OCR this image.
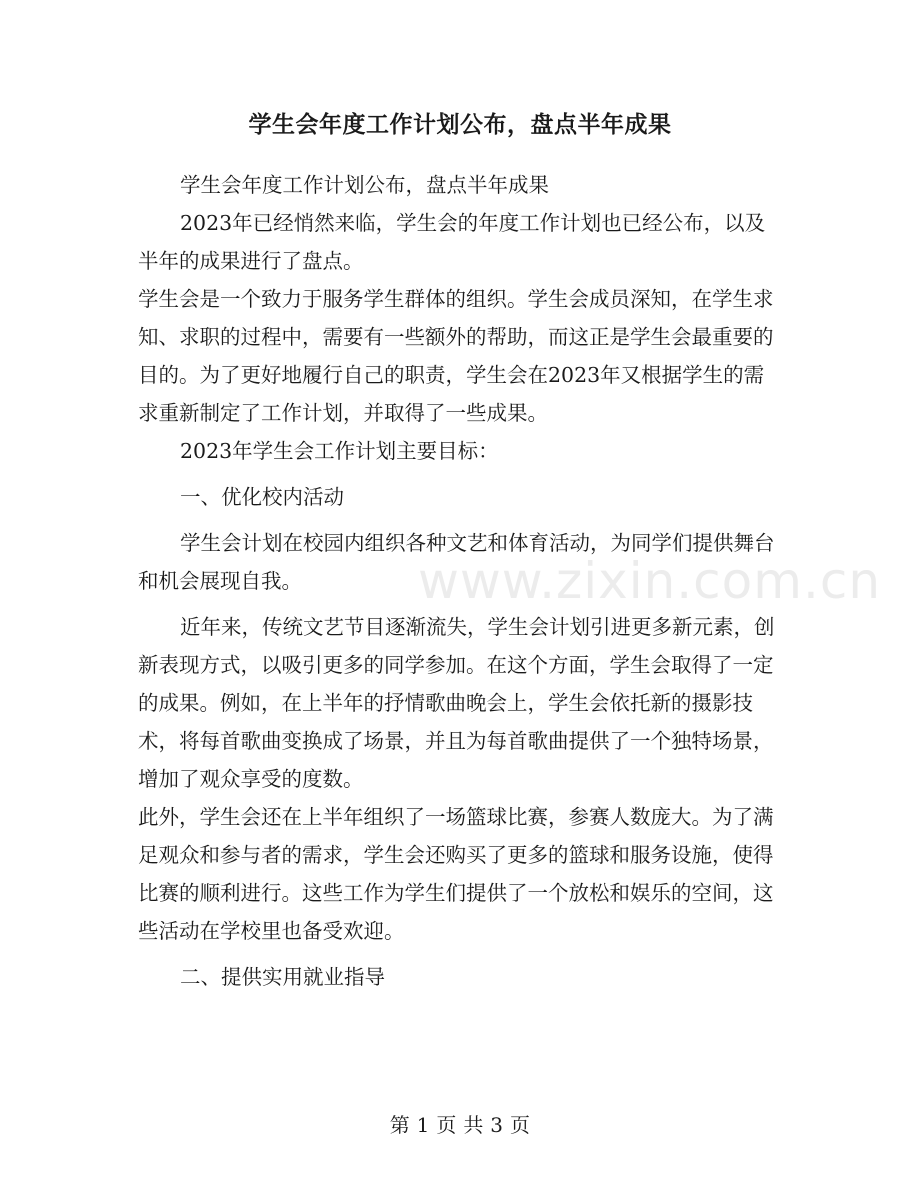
学生会年度工作计划公布，盘点半年成果
www.zixin.com.cn

学生会年度工作计划公布，盘点半年成果

2023年已经悄然来临，学生会的年度工作计划也已经公布，以及半年的成果进行了盘点。

学生会是一个致力于服务学生群体的组织。学生会成员深知，在学生求知、求职的过程中，需要有一些额外的帮助，而这正是学生会最重要的目的。为了更好地履行自己的职责，学生会在2023年又根据学生的需求重新制定了工作计划，并取得了一些成果。

2023年学生会工作计划主要目标：

一、优化校内活动

学生会计划在校园内组织各种文艺和体育活动，为同学们提供舞台和机会展现自我。

近年来，传统文艺节目逐渐流失，学生会计划引进更多新元素，创新表现方式，以吸引更多的同学参加。在这个方面，学生会取得了一定的成果。例如，在上半年的抒情歌曲晚会上，学生会依托新的摄影技术，将每首歌曲变换成了场景，并且为每首歌曲提供了一个独特场景，增加了观众享受的度数。

此外，学生会还在上半年组织了一场篮球比赛，参赛人数庞大。为了满足观众和参与者的需求，学生会还购买了更多的篮球和服务设施，使得比赛的顺利进行。这些工作为学生们提供了一个放松和娱乐的空间，这些活动在学校里也备受欢迎。

二、提供实用就业指导

第 1 页 共 3 页
